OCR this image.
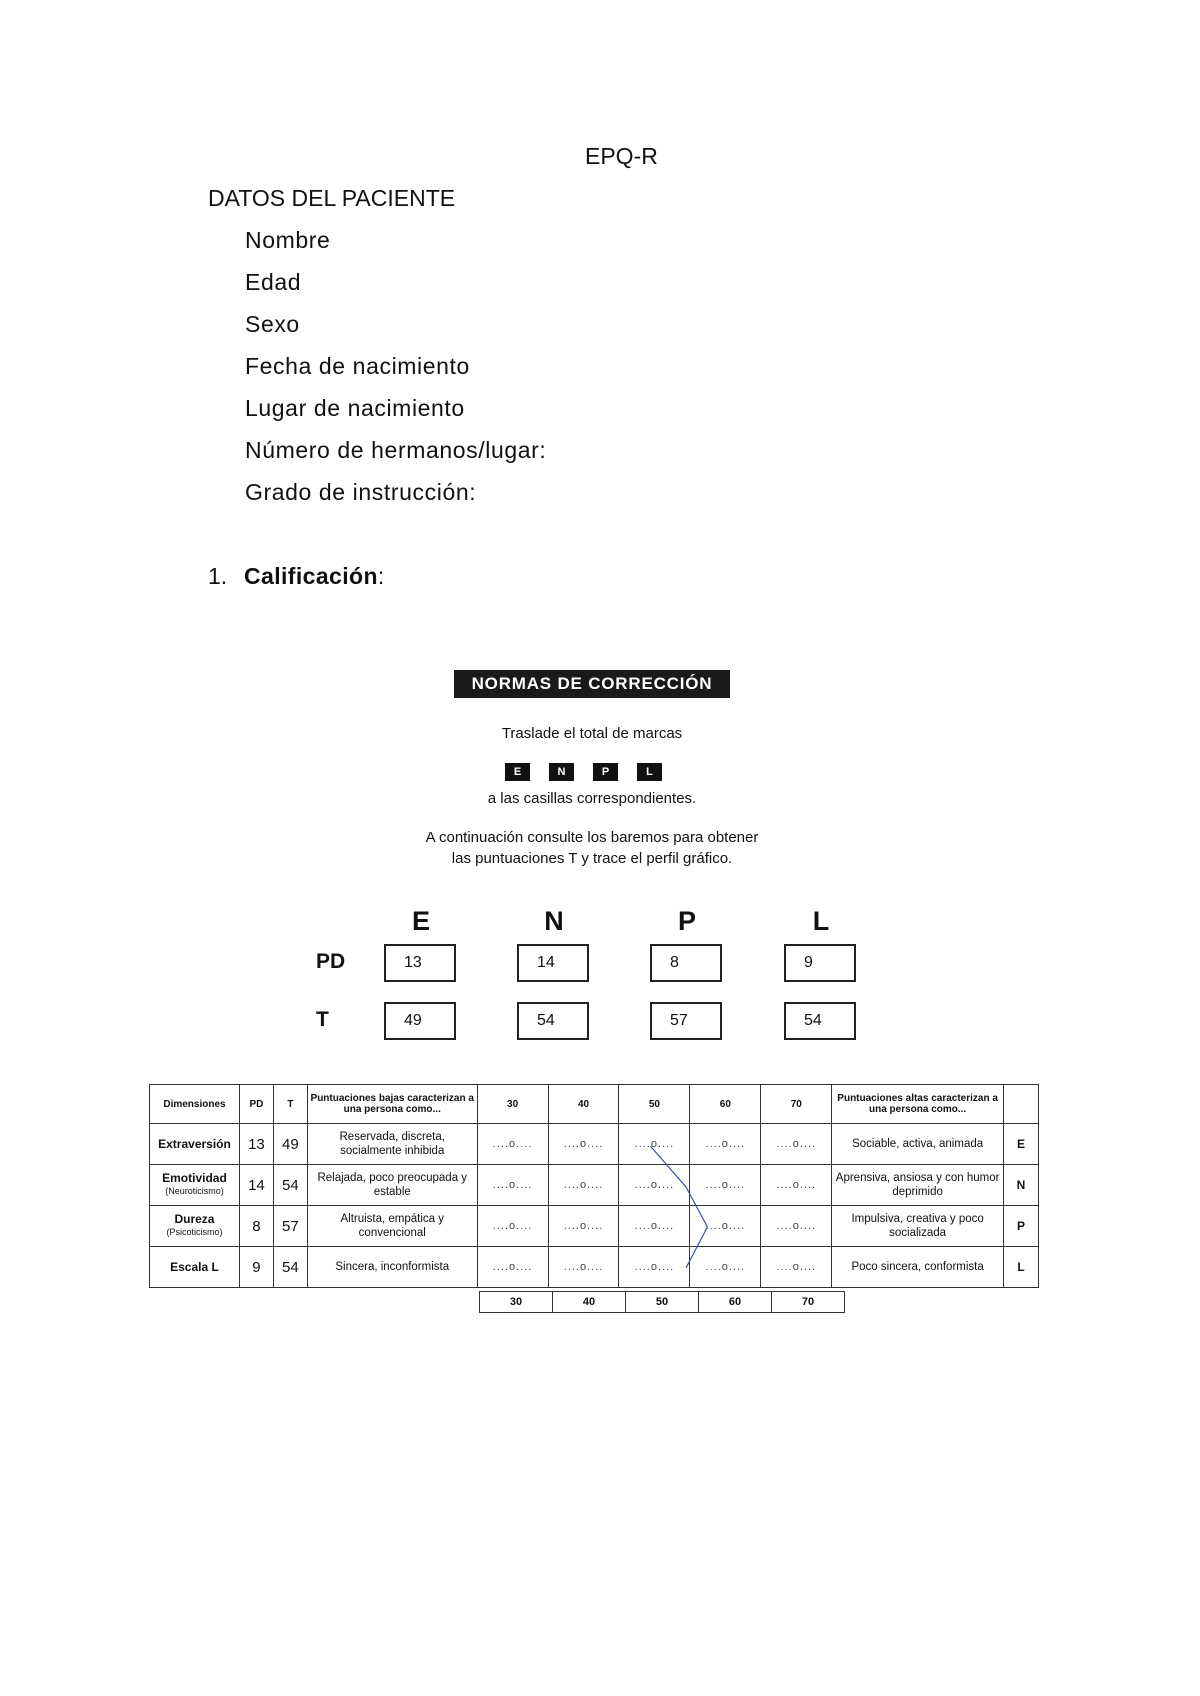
EPQ-R
DATOS DEL PACIENTE
Nombre
Edad
Sexo
Fecha de nacimiento
Lugar de nacimiento
Número de hermanos/lugar:
Grado de instrucción:
1. Calificación:
NORMAS DE CORRECCIÓN
Traslade el total de marcas
E	N	P	L
a las casillas correspondientes.
A continuación consulte los baremos para obtener
las puntuaciones T y trace el perfil gráfico.
E	N	P	L
PD
T
13	14	8	9
49	54	57	54
Dimensiones	PD	T	Puntuaciones bajas caracterizan a una persona como...	30	40	50	60	70	Puntuaciones altas caracterizan a una persona como...	
Extraversión	13	49	Reservada, discreta, socialmente inhibida	....o....	....o....	....o....	....o....	....o....	Sociable, activa, animada	E
Emotividad
(Neuroticismo)	14	54	Relajada, poco preocupada y estable	....o....	....o....	....o....	....o....	....o....	Aprensiva, ansiosa y con humor deprimido	N
Dureza
(Psicoticismo)	8	57	Altruista, empática y convencional	....o....	....o....	....o....	....o....	....o....	Impulsiva, creativa y poco socializada	P
Escala L	9	54	Sincera, inconformista	....o....	....o....	....o....	....o....	....o....	Poco sincera, conformista	L
30	40	50	60	70
